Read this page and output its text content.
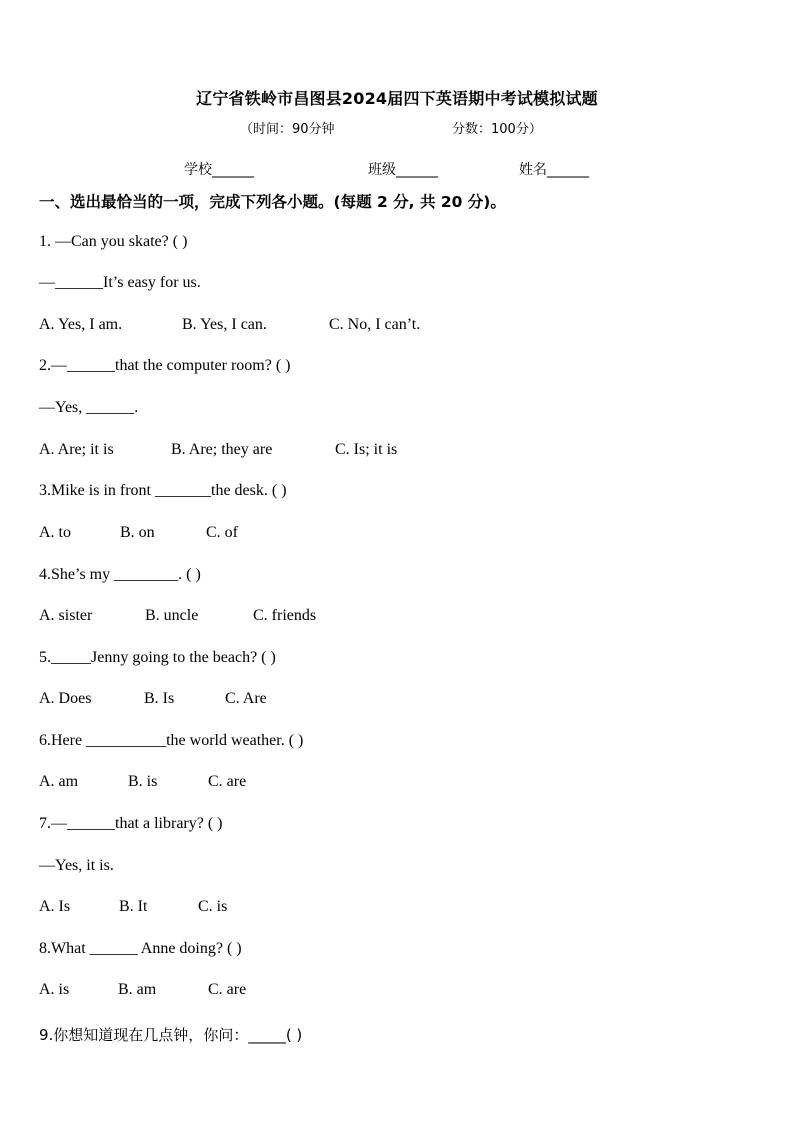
辽宁省铁岭市昌图县2024届四下英语期中考试模拟试题
（时间：90分钟	分数：100分）
学校______	班级______	姓名______
一、选出最恰当的一项，完成下列各小题。(每题 2 分, 共 20 分)。
1. —Can you skate? ( )
—______It’s easy for us.
A. Yes, I am.	B. Yes, I can.	C. No, I can’t.
2.—______that the computer room? ( )
—Yes, ______.
A. Are; it is	B. Are; they are	C. Is; it is
3.Mike is in front _______the desk. ( )
A. to	B. on	C. of
4.She’s my ________. ( )
A. sister	B. uncle	C. friends
5._____Jenny going to the beach? ( )
A. Does	B. Is	C. Are
6.Here __________the world weather. ( )
A. am	B. is	C. are
7.—______that a library? ( )
—Yes, it is.
A. Is	B. It	C. is
8.What ______ Anne doing? ( )
A. is	B. am	C. are
9.你想知道现在几点钟，你问：_____( )
